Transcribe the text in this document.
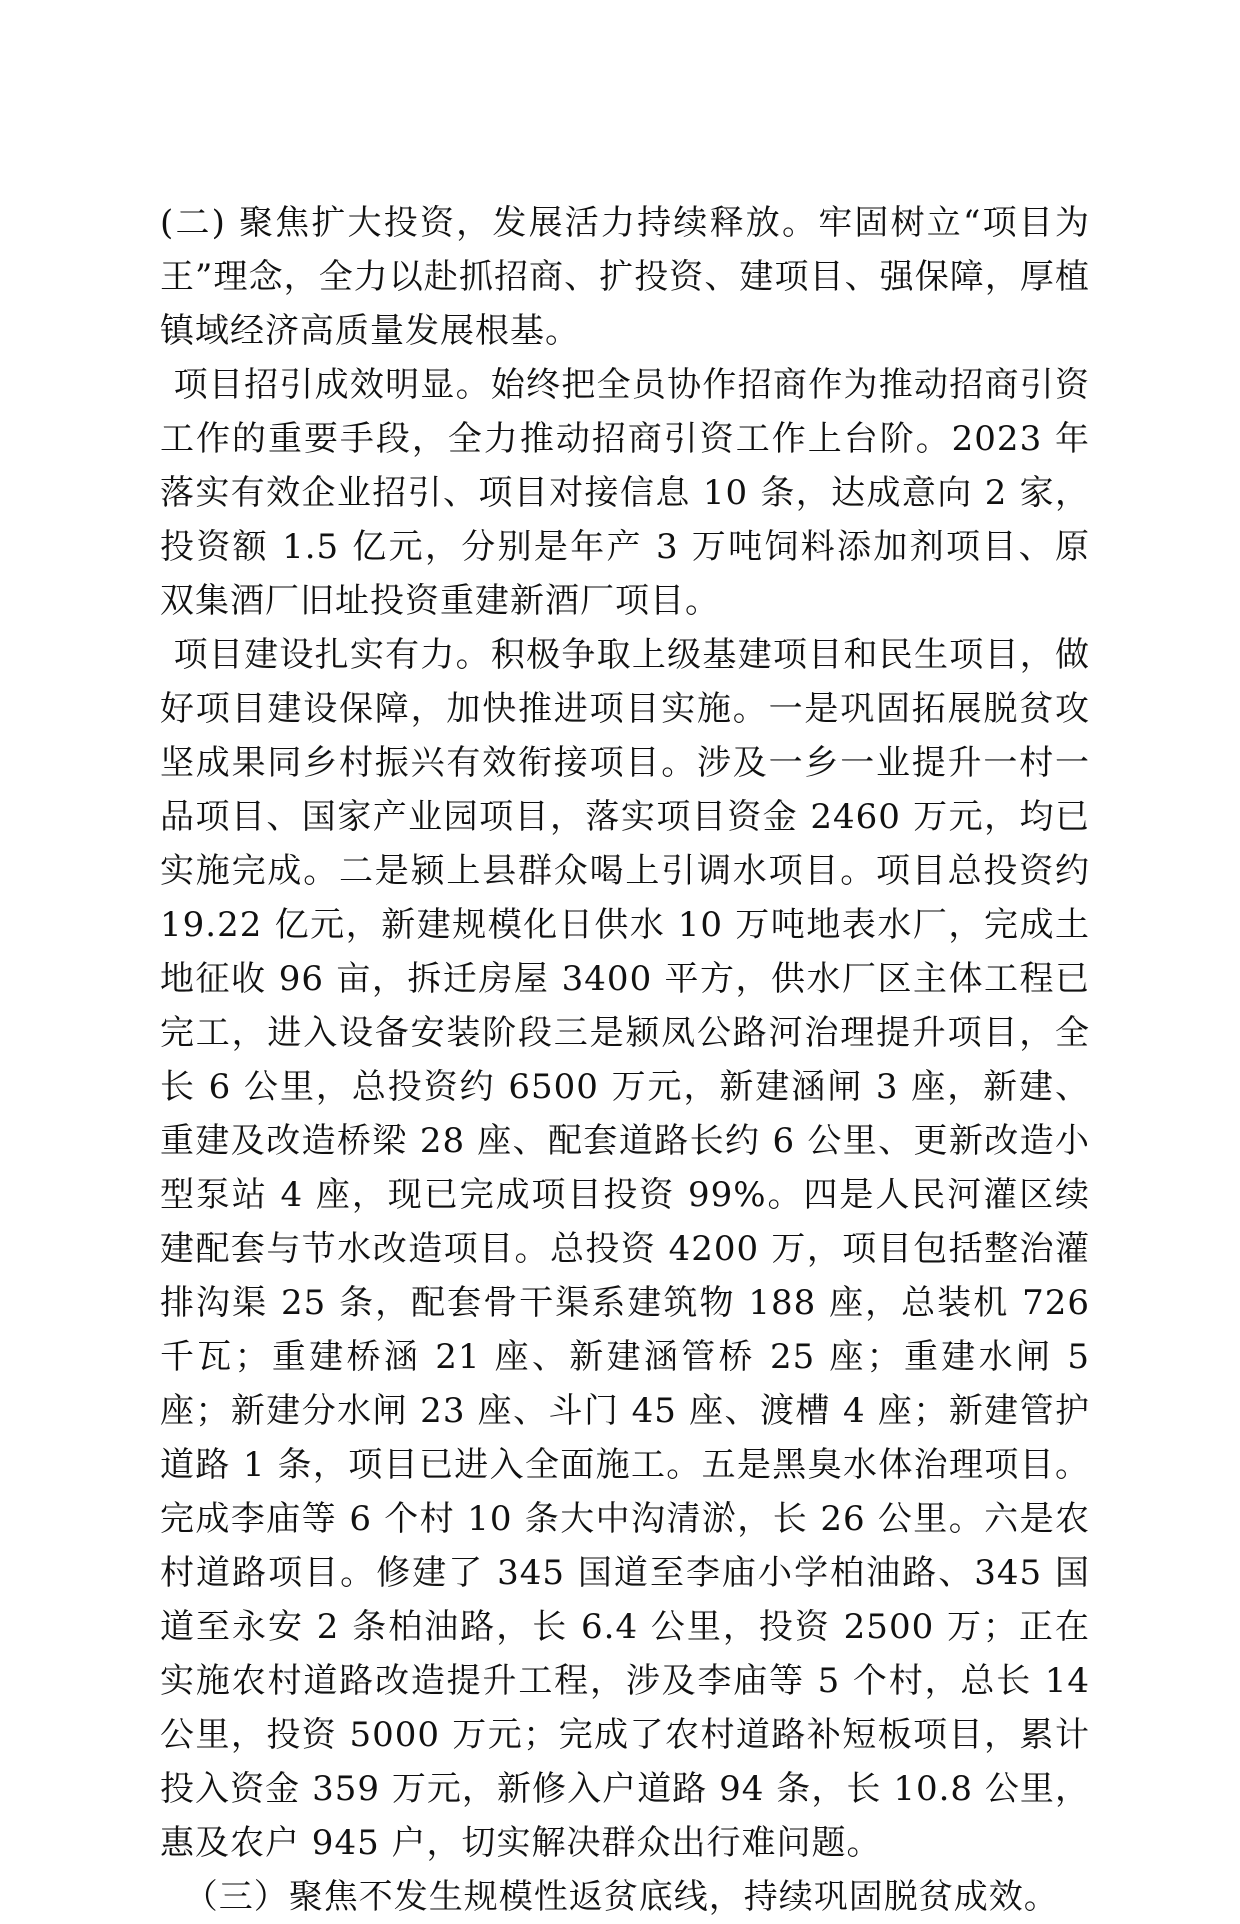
(二) 聚焦扩大投资，发展活力持续释放。牢固树立“项目为王”理念，全力以赴抓招商、扩投资、建项目、强保障，厚植镇域经济高质量发展根基。

项目招引成效明显。始终把全员协作招商作为推动招商引资工作的重要手段，全力推动招商引资工作上台阶。2023 年落实有效企业招引、项目对接信息 10 条，达成意向 2 家，投资额 1.5 亿元，分别是年产 3 万吨饲料添加剂项目、原双集酒厂旧址投资重建新酒厂项目。

项目建设扎实有力。积极争取上级基建项目和民生项目，做好项目建设保障，加快推进项目实施。一是巩固拓展脱贫攻坚成果同乡村振兴有效衔接项目。涉及一乡一业提升一村一品项目、国家产业园项目，落实项目资金 2460 万元，均已实施完成。二是颍上县群众喝上引调水项目。项目总投资约 19.22 亿元，新建规模化日供水 10 万吨地表水厂，完成土地征收 96 亩，拆迁房屋 3400 平方，供水厂区主体工程已完工，进入设备安装阶段三是颍凤公路河治理提升项目，全长 6 公里，总投资约 6500 万元，新建涵闸 3 座，新建、重建及改造桥梁 28 座、配套道路长约 6 公里、更新改造小型泵站 4 座，现已完成项目投资 99%。四是人民河灌区续建配套与节水改造项目。总投资 4200 万，项目包括整治灌排沟渠 25 条，配套骨干渠系建筑物 188 座，总装机 726 千瓦；重建桥涵 21 座、新建涵管桥 25 座；重建水闸 5 座；新建分水闸 23 座、斗门 45 座、渡槽 4 座；新建管护道路 1 条，项目已进入全面施工。五是黑臭水体治理项目。完成李庙等 6 个村 10 条大中沟清淤，长 26 公里。六是农村道路项目。修建了 345 国道至李庙小学柏油路、345 国道至永安 2 条柏油路，长 6.4 公里，投资 2500 万；正在实施农村道路改造提升工程，涉及李庙等 5 个村，总长 14 公里，投资 5000 万元；完成了农村道路补短板项目，累计投入资金 359 万元，新修入户道路 94 条，长 10.8 公里，惠及农户 945 户，切实解决群众出行难问题。

（三）聚焦不发生规模性返贫底线，持续巩固脱贫成效。
